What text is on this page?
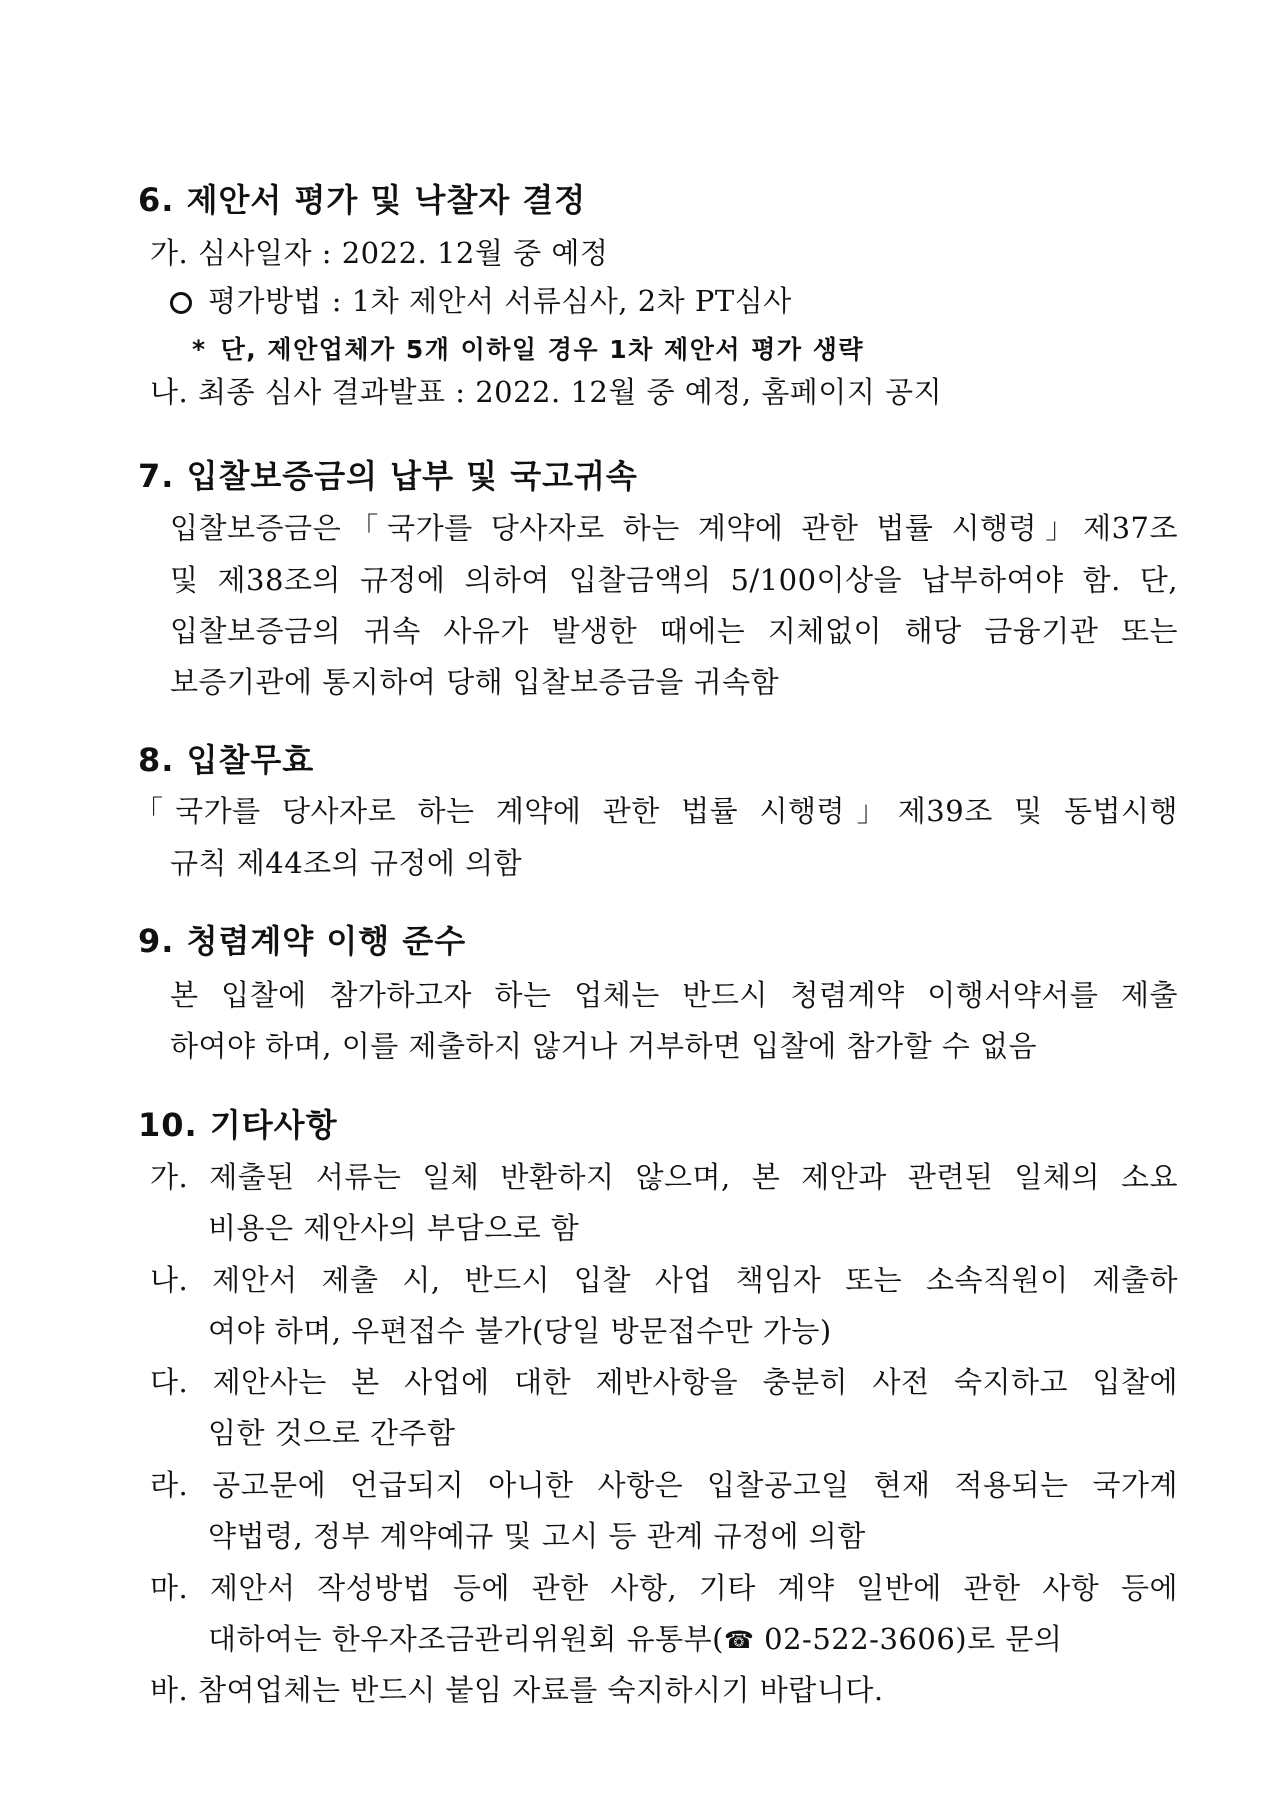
6. 제안서 평가 및 낙찰자 결정
가. 심사일자 : 2022. 12월 중 예정
평가방법 : 1차 제안서 서류심사, 2차 PT심사
* 단, 제안업체가 5개 이하일 경우 1차 제안서 평가 생략
나. 최종 심사 결과발표 : 2022. 12월 중 예정, 홈페이지 공지
7. 입찰보증금의 납부 및 국고귀속
입찰보증금은「국가를 당사자로 하는 계약에 관한 법률 시행령」제37조
및 제38조의 규정에 의하여 입찰금액의 5/100이상을 납부하여야 함. 단,
입찰보증금의 귀속 사유가 발생한 때에는 지체없이 해당 금융기관 또는
보증기관에 통지하여 당해 입찰보증금을 귀속함
8. 입찰무효
「국가를 당사자로 하는 계약에 관한 법률 시행령」제39조 및 동법시행
규칙 제44조의 규정에 의함
9. 청렴계약 이행 준수
본 입찰에 참가하고자 하는 업체는 반드시 청렴계약 이행서약서를 제출
하여야 하며, 이를 제출하지 않거나 거부하면 입찰에 참가할 수 없음
10. 기타사항
가. 제출된 서류는 일체 반환하지 않으며, 본 제안과 관련된 일체의 소요
비용은 제안사의 부담으로 함
나. 제안서 제출 시, 반드시 입찰 사업 책임자 또는 소속직원이 제출하
여야 하며, 우편접수 불가(당일 방문접수만 가능)
다. 제안사는 본 사업에 대한 제반사항을 충분히 사전 숙지하고 입찰에
임한 것으로 간주함
라. 공고문에 언급되지 아니한 사항은 입찰공고일 현재 적용되는 국가계
약법령, 정부 계약예규 및 고시 등 관계 규정에 의함
마. 제안서 작성방법 등에 관한 사항, 기타 계약 일반에 관한 사항 등에
대하여는 한우자조금관리위원회 유통부(☎ 02-522-3606)로 문의
바. 참여업체는 반드시 붙임 자료를 숙지하시기 바랍니다.
